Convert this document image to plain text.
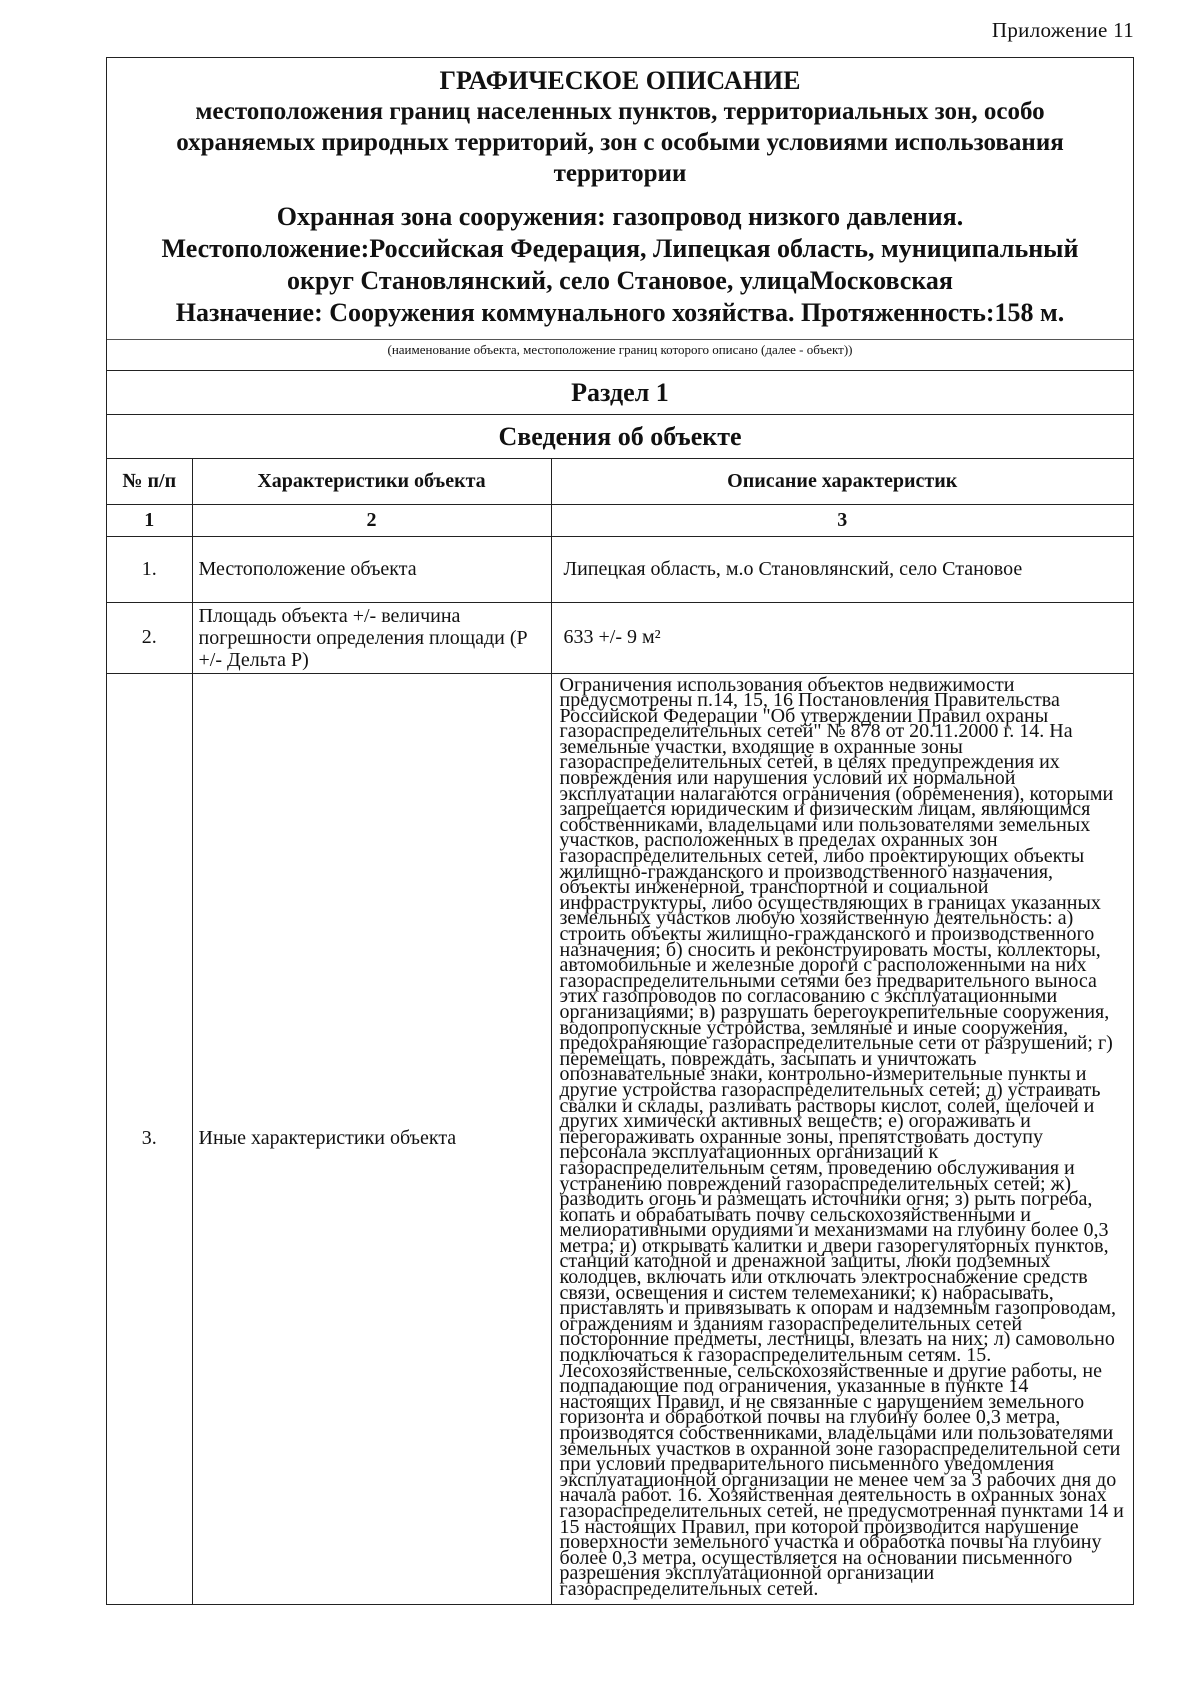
Приложение 11
ГРАФИЧЕСКОЕ ОПИСАНИЕ
местоположения границ населенных пунктов, территориальных зон, особо
охраняемых природных территорий, зон с особыми условиями использования
территории
Охранная зона сооружения: газопровод низкого давления.
Местоположение:Российская Федерация, Липецкая область, муниципальный
округ Становлянский, село Становое, улицаМосковская
Назначение: Сооружения коммунального хозяйства. Протяженность:158 м.
(наименование объекта, местоположение границ которого описано (далее - объект))
Раздел 1
Сведения об объекте
№ п/п	Характеристики объекта	Описание характеристик
1	2	3
1.	Местоположение объекта	Липецкая область, м.о Становлянский, село Становое
2.	Площадь объекта +/- величина погрешности определения площади (Р +/- Дельта Р)	633 +/- 9 м²
3.	Иные характеристики объекта	Ограничения использования объектов недвижимости предусмотрены п.14, 15, 16 Постановления Правительства Российской Федерации "Об утверждении Правил охраны газораспределительных сетей" № 878 от 20.11.2000 г. 14. На земельные участки, входящие в охранные зоны газораспределительных сетей, в целях предупреждения их повреждения или нарушения условий их нормальной эксплуатации налагаются ограничения (обременения), которыми запрещается юридическим и физическим лицам, являющимся собственниками, владельцами или пользователями земельных участков, расположенных в пределах охранных зон газораспределительных сетей, либо проектирующих объекты жилищно-гражданского и производственного назначения, объекты инженерной, транспортной и социальной инфраструктуры, либо осуществляющих в границах указанных земельных участков любую хозяйственную деятельность: а) строить объекты жилищно-гражданского и производственного назначения; б) сносить и реконструировать мосты, коллекторы, автомобильные и железные дороги с расположенными на них газораспределительными сетями без предварительного выноса этих газопроводов по согласованию с эксплуатационными организациями; в) разрушать берегоукрепительные сооружения, водопропускные устройства, земляные и иные сооружения, предохраняющие газораспределительные сети от разрушений; г) перемещать, повреждать, засыпать и уничтожать опознавательные знаки, контрольно-измерительные пункты и другие устройства газораспределительных сетей; д) устраивать свалки и склады, разливать растворы кислот, солей, щелочей и других химически активных веществ; е) огораживать и перегораживать охранные зоны, препятствовать доступу персонала эксплуатационных организаций к газораспределительным сетям, проведению обслуживания и устранению повреждений газораспределительных сетей; ж) разводить огонь и размещать источники огня; з) рыть погреба, копать и обрабатывать почву сельскохозяйственными и мелиоративными орудиями и механизмами на глубину более 0,3 метра; и) открывать калитки и двери газорегуляторных пунктов, станций катодной и дренажной защиты, люки подземных колодцев, включать или отключать электроснабжение средств связи, освещения и систем телемеханики; к) набрасывать, приставлять и привязывать к опорам и надземным газопроводам, ограждениям и зданиям газораспределительных сетей посторонние предметы, лестницы, влезать на них; л) самовольно подключаться к газораспределительным сетям. 15. Лесохозяйственные, сельскохозяйственные и другие работы, не подпадающие под ограничения, указанные в пункте 14 настоящих Правил, и не связанные с нарушением земельного горизонта и обработкой почвы на глубину более 0,3 метра, производятся собственниками, владельцами или пользователями земельных участков в охранной зоне газораспределительной сети при условии предварительного письменного уведомления эксплуатационной организации не менее чем за 3 рабочих дня до начала работ. 16. Хозяйственная деятельность в охранных зонах газораспределительных сетей, не предусмотренная пунктами 14 и 15 настоящих Правил, при которой производится нарушение поверхности земельного участка и обработка почвы на глубину более 0,3 метра, осуществляется на основании письменного разрешения эксплуатационной организации газораспределительных сетей.
